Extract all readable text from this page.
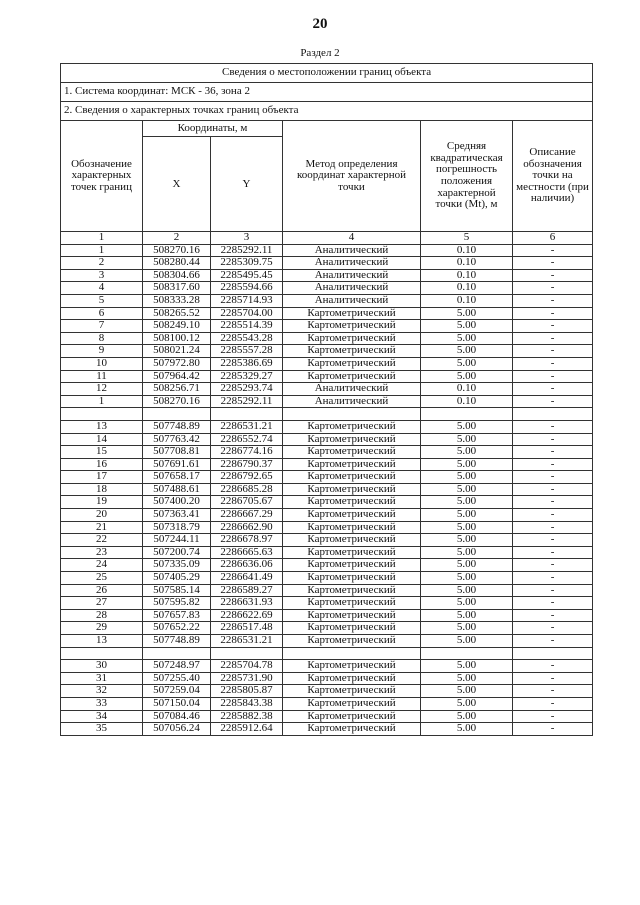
20
Раздел 2
Сведения о местоположении границ объекта					
1. Система координат: МСК - 36, зона 2					
2. Сведения о характерных точках границ объекта					
Обозначение характерных точек границ	Координаты, м		Метод определения координат характерной точки	Средняя квадратическая погрешность положения характерной точки (Mt), м	Описание обозначения точки на местности (при наличии)
	X	Y			
1	2	3	4	5	6
1	508270.16	2285292.11	Аналитический	0.10	-
2	508280.44	2285309.75	Аналитический	0.10	-
3	508304.66	2285495.45	Аналитический	0.10	-
4	508317.60	2285594.66	Аналитический	0.10	-
5	508333.28	2285714.93	Аналитический	0.10	-
6	508265.52	2285704.00	Картометрический	5.00	-
7	508249.10	2285514.39	Картометрический	5.00	-
8	508100.12	2285543.28	Картометрический	5.00	-
9	508021.24	2285557.28	Картометрический	5.00	-
10	507972.80	2285386.69	Картометрический	5.00	-
11	507964.42	2285329.27	Картометрический	5.00	-
12	508256.71	2285293.74	Аналитический	0.10	-
1	508270.16	2285292.11	Аналитический	0.10	-

13	507748.89	2286531.21	Картометрический	5.00	-
14	507763.42	2286552.74	Картометрический	5.00	-
15	507708.81	2286774.16	Картометрический	5.00	-
16	507691.61	2286790.37	Картометрический	5.00	-
17	507658.17	2286792.65	Картометрический	5.00	-
18	507488.61	2286685.28	Картометрический	5.00	-
19	507400.20	2286705.67	Картометрический	5.00	-
20	507363.41	2286667.29	Картометрический	5.00	-
21	507318.79	2286662.90	Картометрический	5.00	-
22	507244.11	2286678.97	Картометрический	5.00	-
23	507200.74	2286665.63	Картометрический	5.00	-
24	507335.09	2286636.06	Картометрический	5.00	-
25	507405.29	2286641.49	Картометрический	5.00	-
26	507585.14	2286589.27	Картометрический	5.00	-
27	507595.82	2286631.93	Картометрический	5.00	-
28	507657.83	2286622.69	Картометрический	5.00	-
29	507652.22	2286517.48	Картометрический	5.00	-
13	507748.89	2286531.21	Картометрический	5.00	-

30	507248.97	2285704.78	Картометрический	5.00	-
31	507255.40	2285731.90	Картометрический	5.00	-
32	507259.04	2285805.87	Картометрический	5.00	-
33	507150.04	2285843.38	Картометрический	5.00	-
34	507084.46	2285882.38	Картометрический	5.00	-
35	507056.24	2285912.64	Картометрический	5.00	-
